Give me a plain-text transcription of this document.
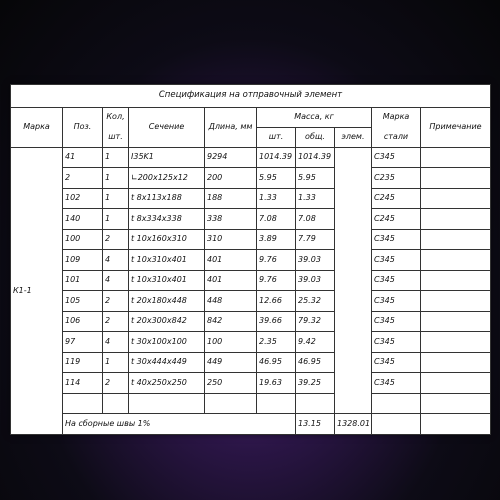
Спецификация на отправочный элемент									
Марка	Поз.	Кол,	Сечение	Длина, мм	Масса, кг			Марка	Примечание
		шт.			шт.	общ.	элем.	стали	
К1-1	41	1	I35K1	9294	1014.39	1014.39		С345	
	2	1	∟200х125х12	200	5.95	5.95		С235	
	102	1	t 8х113х188	188	1.33	1.33		С245	
	140	1	t 8х334х338	338	7.08	7.08		С245	
	100	2	t 10х160х310	310	3.89	7.79		С345	
	109	4	t 10х310х401	401	9.76	39.03		С345	
	101	4	t 10х310х401	401	9.76	39.03		С345	
	105	2	t 20х180х448	448	12.66	25.32		С345	
	106	2	t 20х300х842	842	39.66	79.32		С345	
	97	4	t 30х100х100	100	2.35	9.42		С345	
	119	1	t 30х444х449	449	46.95	46.95		С345	
	114	2	t 40х250х250	250	19.63	39.25		С345	

	На сборные швы 1%					13.15	1328.01		
